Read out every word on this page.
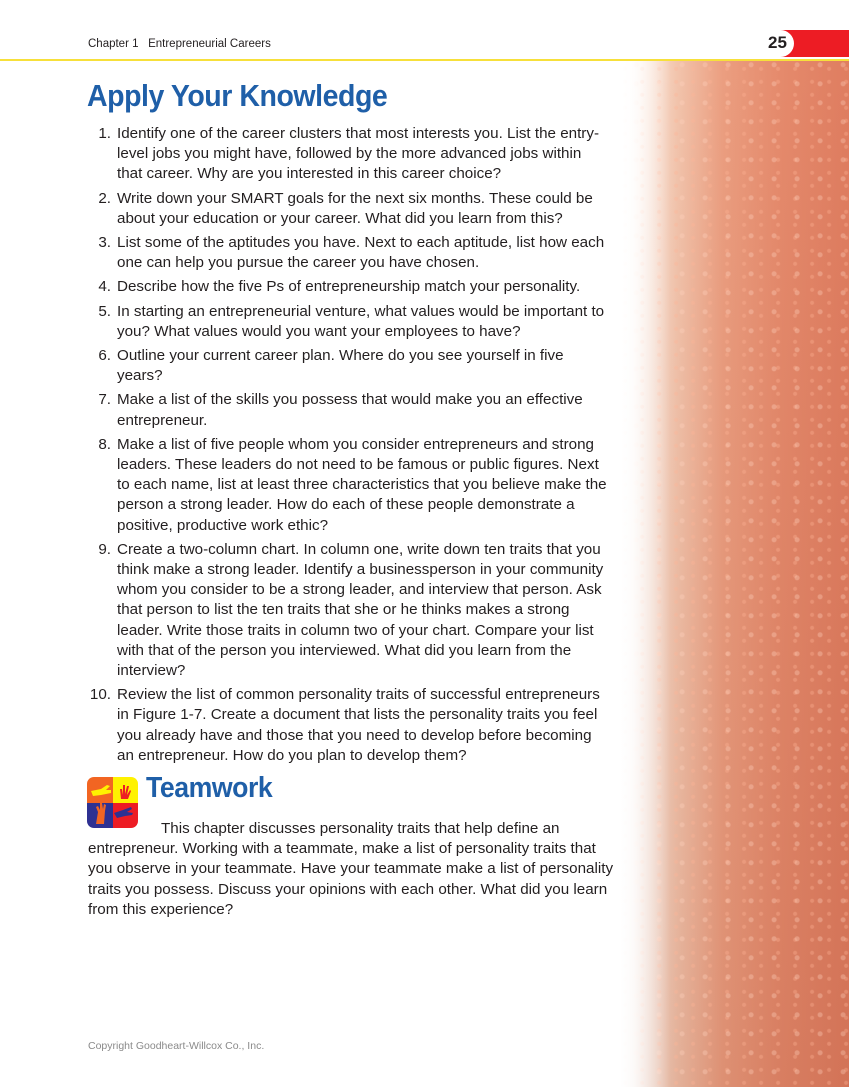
Chapter 1   Entrepreneurial Careers	25
Apply Your Knowledge
1. Identify one of the career clusters that most interests you. List the entry-level jobs you might have, followed by the more advanced jobs within that career. Why are you interested in this career choice?
2. Write down your SMART goals for the next six months. These could be about your education or your career. What did you learn from this?
3. List some of the aptitudes you have. Next to each aptitude, list how each one can help you pursue the career you have chosen.
4. Describe how the five Ps of entrepreneurship match your personality.
5. In starting an entrepreneurial venture, what values would be important to you? What values would you want your employees to have?
6. Outline your current career plan. Where do you see yourself in five years?
7. Make a list of the skills you possess that would make you an effective entrepreneur.
8. Make a list of five people whom you consider entrepreneurs and strong leaders. These leaders do not need to be famous or public figures. Next to each name, list at least three characteristics that you believe make the person a strong leader. How do each of these people demonstrate a positive, productive work ethic?
9. Create a two-column chart. In column one, write down ten traits that you think make a strong leader. Identify a businessperson in your community whom you consider to be a strong leader, and interview that person. Ask that person to list the ten traits that she or he thinks makes a strong leader. Write those traits in column two of your chart. Compare your list with that of the person you interviewed. What did you learn from the interview?
10. Review the list of common personality traits of successful entrepreneurs in Figure 1-7. Create a document that lists the personality traits you feel you already have and those that you need to develop before becoming an entrepreneur. How do you plan to develop them?
Teamwork

This chapter discusses personality traits that help define an entrepreneur. Working with a teammate, make a list of personality traits that you observe in your teammate. Have your teammate make a list of personality traits you possess. Discuss your opinions with each other. What did you learn from this experience?

Copyright Goodheart-Willcox Co., Inc.
